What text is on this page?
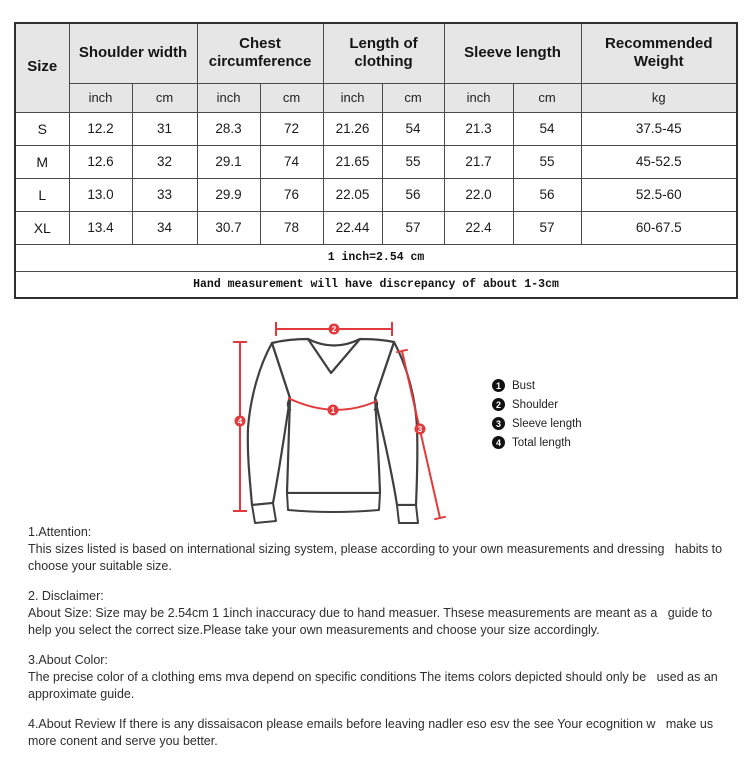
Size	Shoulder width		Chest circumference		Length of clothing		Sleeve length		Recommended Weight
	inch	cm	inch	cm	inch	cm	inch	cm	kg
S	12.2	31	28.3	72	21.26	54	21.3	54	37.5-45
M	12.6	32	29.1	74	21.65	55	21.7	55	45-52.5
L	13.0	33	29.9	76	22.05	56	22.0	56	52.5-60
XL	13.4	34	30.7	78	22.44	57	22.4	57	60-67.5
1 inch=2.54 cm									
Hand measurement will have discrepancy of about 1-3cm									
2
1
3
4
1 Bust
2 Shoulder
3 Sleeve length
4 Total length

1.Attention:

This sizes listed is based on international sizing system, please according to your own measurements and dressing   habits to choose your suitable size.

2. Disclaimer:

About Size: Size may be 2.54cm 1 1inch inaccuracy due to hand measuer. Thsese measurements are meant as a   guide to help you select the correct size.Please take your own measurements and choose your size accordingly.

3.About Color:

The precise color of a clothing ems mva depend on specific conditions The items colors depicted should only be   used as an approximate guide.

4.About Review If there is any dissaisacon please emails before leaving nadler eso esv the see Your ecognition w   make us more conent and serve you better.
